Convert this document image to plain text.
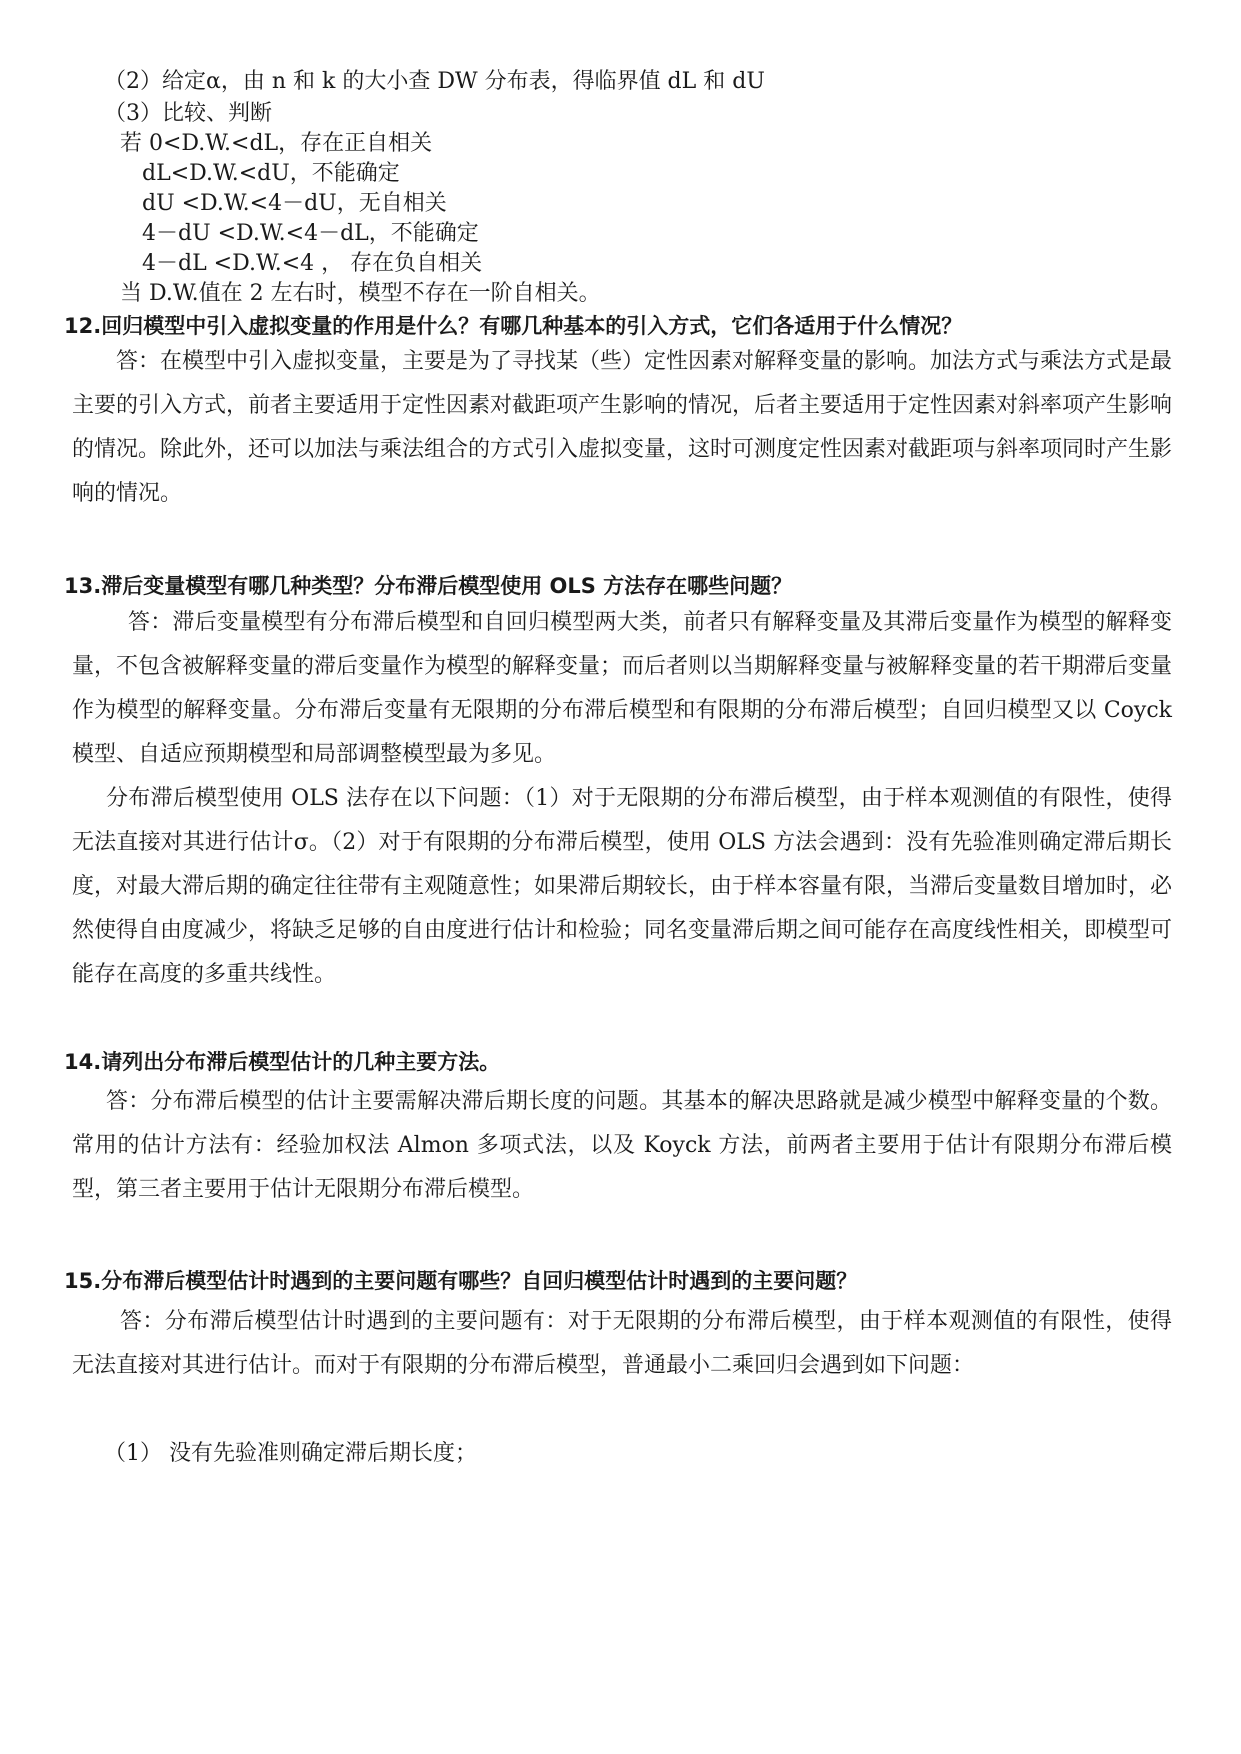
（2）给定α，由 n 和 k 的大小查 DW 分布表，得临界值 dL 和 dU
（3）比较、判断
若 0<D.W.<dL，存在正自相关
dL<D.W.<dU，不能确定
dU <D.W.<4－dU，无自相关
4－dU <D.W.<4－dL，不能确定
4－dL <D.W.<4 ， 存在负自相关
当 D.W.值在 2 左右时，模型不存在一阶自相关。
12.回归模型中引入虚拟变量的作用是什么？有哪几种基本的引入方式，它们各适用于什么情况？
答：在模型中引入虚拟变量，主要是为了寻找某（些）定性因素对解释变量的影响。加法方式与乘法方式是最主要的引入方式，前者主要适用于定性因素对截距项产生影响的情况，后者主要适用于定性因素对斜率项产生影响的情况。除此外，还可以加法与乘法组合的方式引入虚拟变量，这时可测度定性因素对截距项与斜率项同时产生影响的情况。
13.滞后变量模型有哪几种类型？分布滞后模型使用 OLS 方法存在哪些问题？
答：滞后变量模型有分布滞后模型和自回归模型两大类，前者只有解释变量及其滞后变量作为模型的解释变量，不包含被解释变量的滞后变量作为模型的解释变量；而后者则以当期解释变量与被解释变量的若干期滞后变量作为模型的解释变量。分布滞后变量有无限期的分布滞后模型和有限期的分布滞后模型；自回归模型又以 Coyck 模型、自适应预期模型和局部调整模型最为多见。
分布滞后模型使用 OLS 法存在以下问题：（1）对于无限期的分布滞后模型，由于样本观测值的有限性，使得无法直接对其进行估计σ。（2）对于有限期的分布滞后模型，使用 OLS 方法会遇到：没有先验准则确定滞后期长度，对最大滞后期的确定往往带有主观随意性；如果滞后期较长，由于样本容量有限，当滞后变量数目增加时，必然使得自由度减少，将缺乏足够的自由度进行估计和检验；同名变量滞后期之间可能存在高度线性相关，即模型可能存在高度的多重共线性。
14.请列出分布滞后模型估计的几种主要方法。
答：分布滞后模型的估计主要需解决滞后期长度的问题。其基本的解决思路就是减少模型中解释变量的个数。常用的估计方法有：经验加权法 Almon 多项式法，以及 Koyck 方法，前两者主要用于估计有限期分布滞后模型，第三者主要用于估计无限期分布滞后模型。
15.分布滞后模型估计时遇到的主要问题有哪些？自回归模型估计时遇到的主要问题？
答：分布滞后模型估计时遇到的主要问题有：对于无限期的分布滞后模型，由于样本观测值的有限性，使得无法直接对其进行估计。而对于有限期的分布滞后模型，普通最小二乘回归会遇到如下问题：
（1） 没有先验准则确定滞后期长度；
